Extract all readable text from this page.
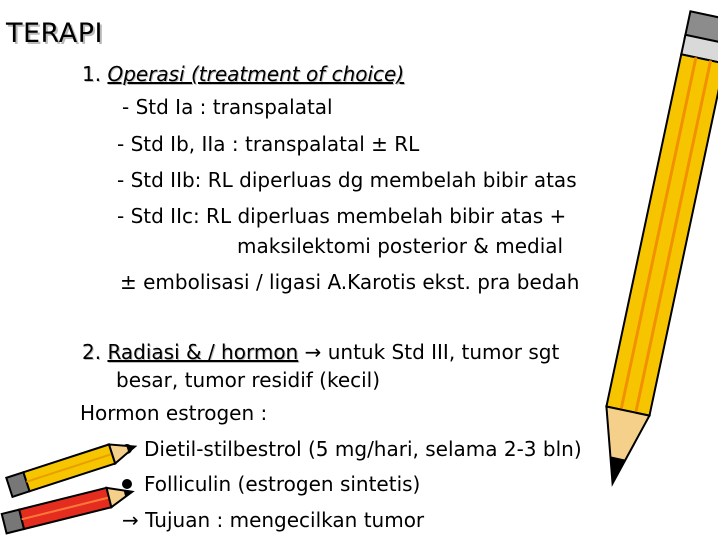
TERAPI
1. Operasi (treatment of choice)
- Std Ia : transpalatal
- Std Ib, IIa : transpalatal ± RL
- Std IIb: RL diperluas dg membelah bibir atas
- Std IIc: RL diperluas membelah bibir atas +
maksilektomi posterior & medial
± embolisasi / ligasi A.Karotis ekst. pra bedah
2. Radiasi & / hormon → untuk Std III, tumor sgt
besar, tumor residif (kecil)
Hormon estrogen :
Dietil-stilbestrol (5 mg/hari, selama 2-3 bln)
Folliculin (estrogen sintetis)
→ Tujuan : mengecilkan tumor
